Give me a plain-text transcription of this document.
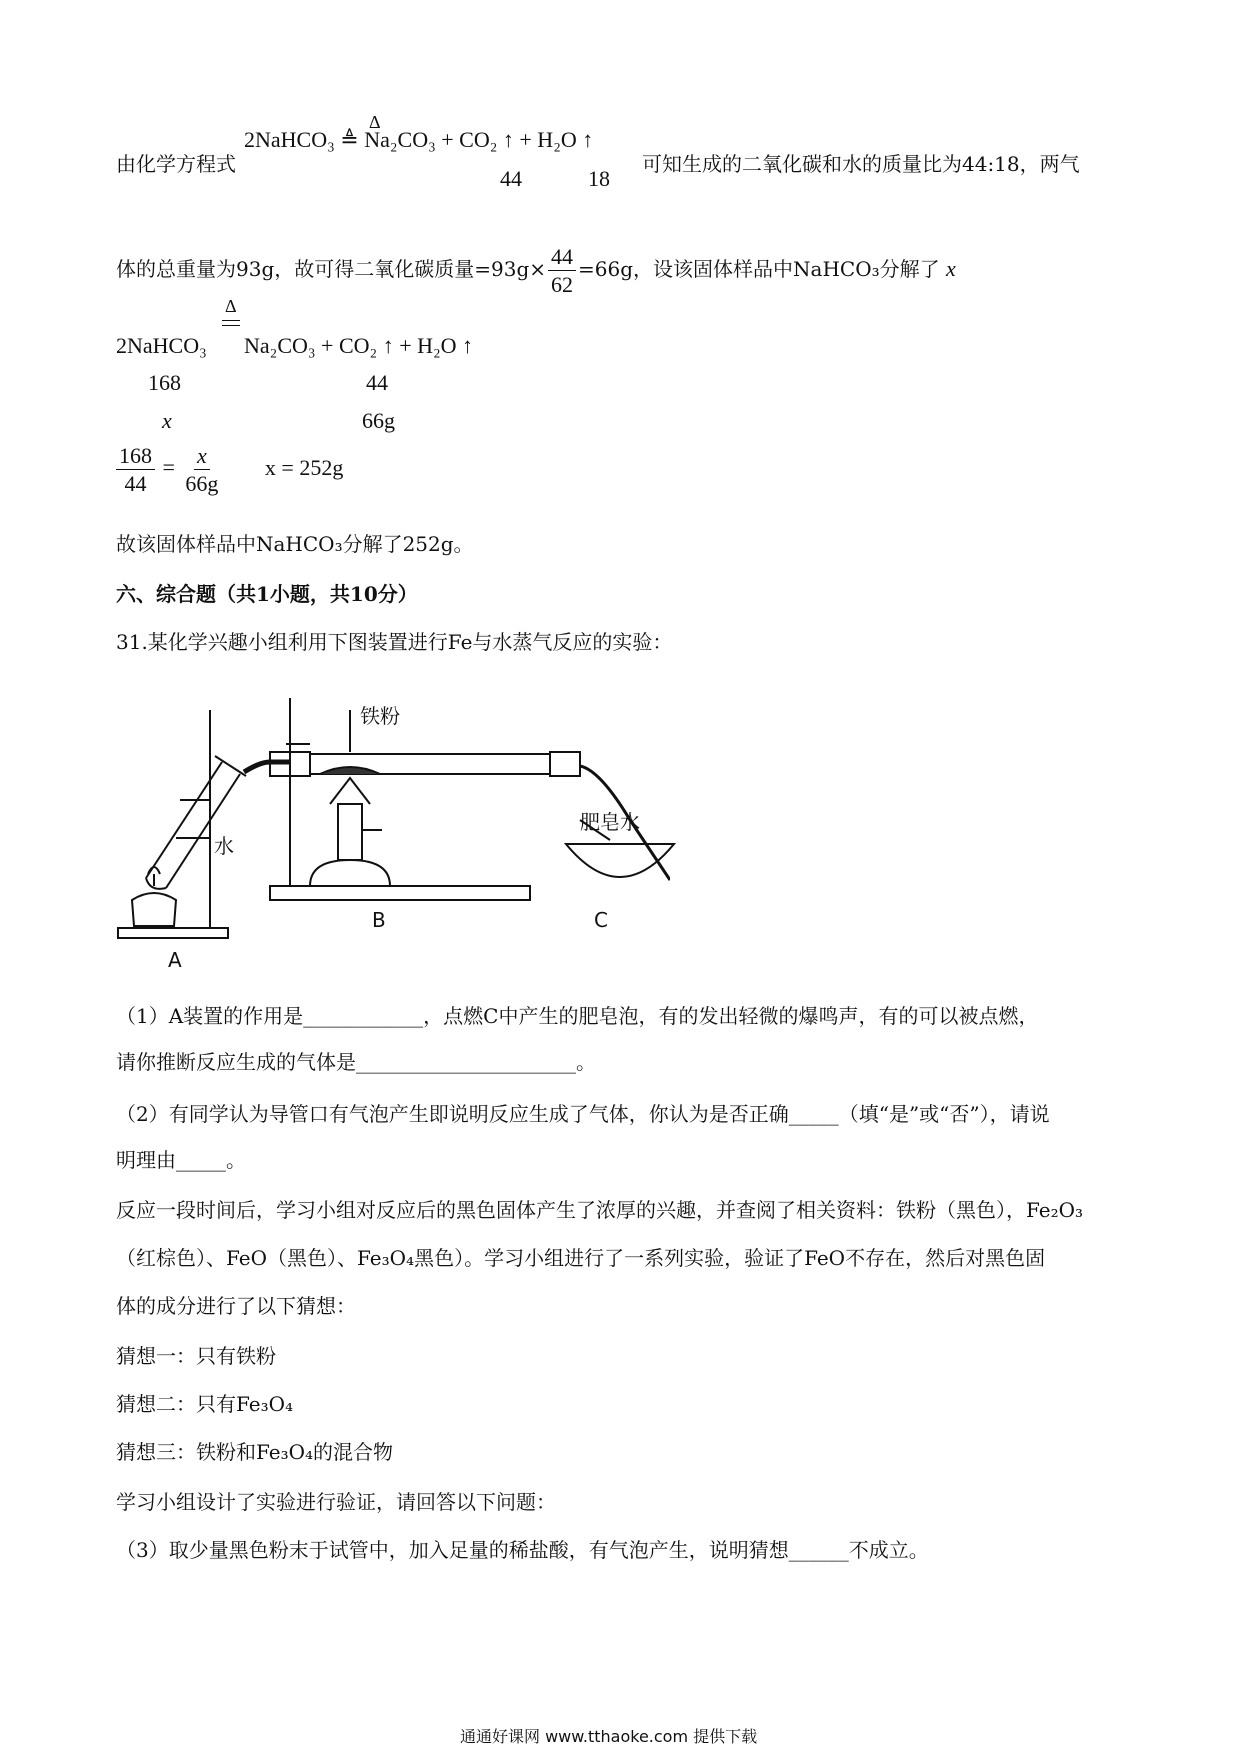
由化学方程式
Δ
2NaHCO₃ ≜ Na₂CO₃ + CO₂ ↑ + H₂O ↑
44	18
可知生成的二氧化碳和水的质量比为44:18，两气
体的总重量为93g，故可得二氧化碳质量$=93g\times \frac{44}{62} =66g$，设该固体样品中NaHCO₃分解了 x
Δ
2NaHCO₃ Na₂CO₃ + CO₂ ↑ + H₂O ↑
168	44
x	66g
$\frac{168}{44} = \frac{x}{66g}$ x = 252g
故该固体样品中NaHCO₃分解了252g。
六、综合题（共1小题，共10分）
31.某化学兴趣小组利用下图装置进行Fe与水蒸气反应的实验：
铁粉
水
肥皂水
A
B	C
（1）A装置的作用是____________，点燃C中产生的肥皂泡，有的发出轻微的爆鸣声，有的可以被点燃，
请你推断反应生成的气体是______________________。
（2）有同学认为导管口有气泡产生即说明反应生成了气体，你认为是否正确_____（填“是”或“否”），请说
明理由_____。
反应一段时间后，学习小组对反应后的黑色固体产生了浓厚的兴趣，并查阅了相关资料：铁粉（黑色），Fe₂O₃
（红棕色）、FeO（黑色）、Fe₃O₄黑色）。学习小组进行了一系列实验，验证了FeO不存在，然后对黑色固
体的成分进行了以下猜想：
猜想一：只有铁粉
猜想二：只有Fe₃O₄
猜想三：铁粉和Fe₃O₄的混合物
学习小组设计了实验进行验证，请回答以下问题：
（3）取少量黑色粉末于试管中，加入足量的稀盐酸，有气泡产生，说明猜想______不成立。
通通好课网 www.tthaoke.com 提供下载
